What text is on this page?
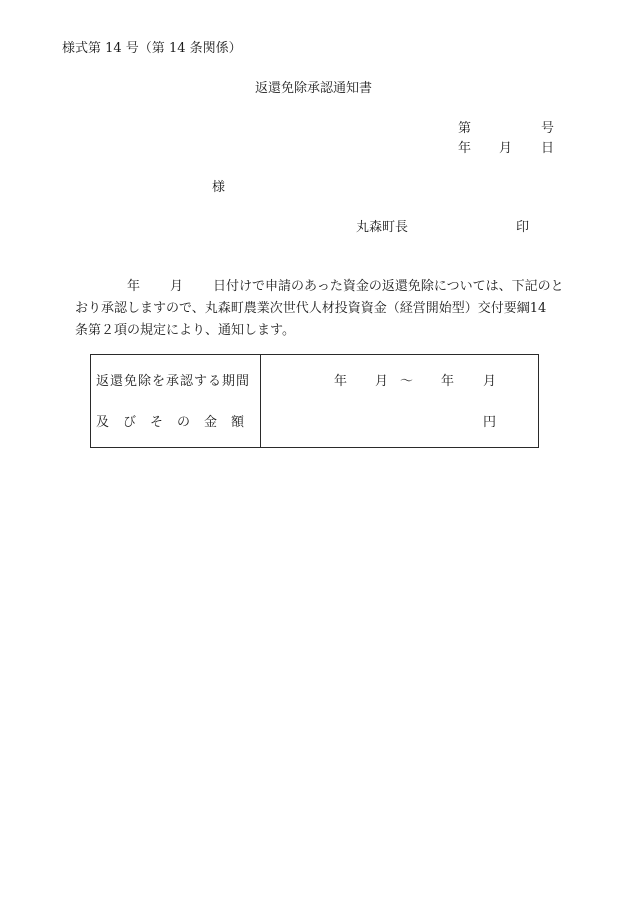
様式第 14 号（第 14 条関係）
返還免除承認通知書
第	号
年 月 日
様
丸森町長	印
年 月 日付けで申請のあった資金の返還免除については、下記のと
おり承認しますので、丸森町農業次世代人材投資資金（経営開始型）交付要綱14
条第２項の規定により、通知します。
返還免除を承認する期間
及 び そ の 金 額
年 月 ～ 年 月
円
